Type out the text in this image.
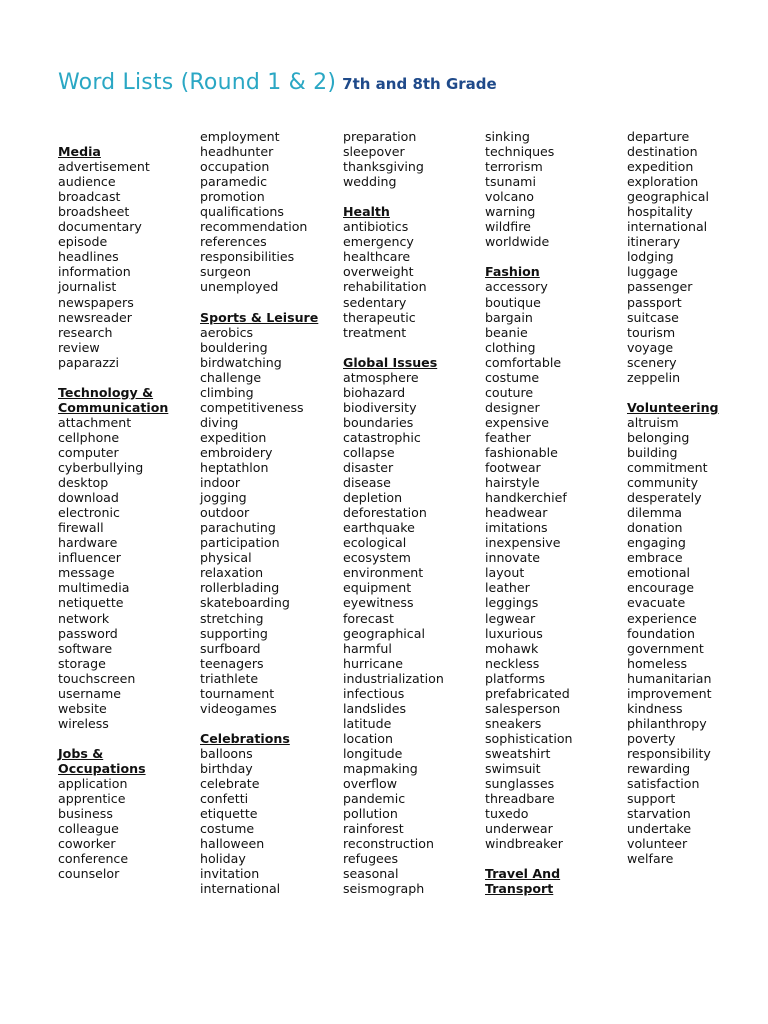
Word Lists (Round 1 & 2) 7th and 8th Grade
Media
advertisement
audience
broadcast
broadsheet
documentary
episode
headlines
information
journalist
newspapers
newsreader
research
review
paparazzi
Technology &
Communication
attachment
cellphone
computer
cyberbullying
desktop
download
electronic
firewall
hardware
influencer
message
multimedia
netiquette
network
password
software
storage
touchscreen
username
website
wireless
Jobs &
Occupations
application
apprentice
business
colleague
coworker
conference
counselor
employment
headhunter
occupation
paramedic
promotion
qualifications
recommendation
references
responsibilities
surgeon
unemployed
Sports & Leisure
aerobics
bouldering
birdwatching
challenge
climbing
competitiveness
diving
expedition
embroidery
heptathlon
indoor
jogging
outdoor
parachuting
participation
physical
relaxation
rollerblading
skateboarding
stretching
supporting
surfboard
teenagers
triathlete
tournament
videogames
Celebrations
balloons
birthday
celebrate
confetti
etiquette
costume
halloween
holiday
invitation
international
preparation
sleepover
thanksgiving
wedding
Health
antibiotics
emergency
healthcare
overweight
rehabilitation
sedentary
therapeutic
treatment
Global Issues
atmosphere
biohazard
biodiversity
boundaries
catastrophic
collapse
disaster
disease
depletion
deforestation
earthquake
ecological
ecosystem
environment
equipment
eyewitness
forecast
geographical
harmful
hurricane
industrialization
infectious
landslides
latitude
location
longitude
mapmaking
overflow
pandemic
pollution
rainforest
reconstruction
refugees
seasonal
seismograph
sinking
techniques
terrorism
tsunami
volcano
warning
wildfire
worldwide
Fashion
accessory
boutique
bargain
beanie
clothing
comfortable
costume
couture
designer
expensive
feather
fashionable
footwear
hairstyle
handkerchief
headwear
imitations
inexpensive
innovate
layout
leather
leggings
legwear
luxurious
mohawk
neckless
platforms
prefabricated
salesperson
sneakers
sophistication
sweatshirt
swimsuit
sunglasses
threadbare
tuxedo
underwear
windbreaker
Travel And
Transport
departure
destination
expedition
exploration
geographical
hospitality
international
itinerary
lodging
luggage
passenger
passport
suitcase
tourism
voyage
scenery
zeppelin
Volunteering
altruism
belonging
building
commitment
community
desperately
dilemma
donation
engaging
embrace
emotional
encourage
evacuate
experience
foundation
government
homeless
humanitarian
improvement
kindness
philanthropy
poverty
responsibility
rewarding
satisfaction
support
starvation
undertake
volunteer
welfare
